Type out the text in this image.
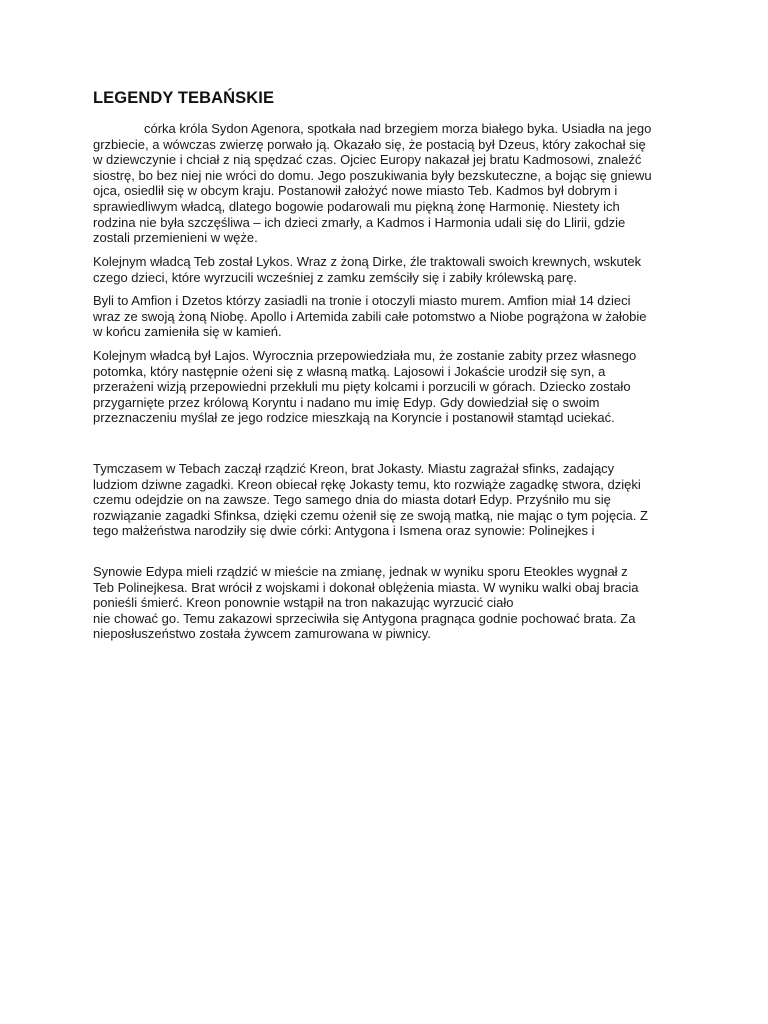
LEGENDY TEBAŃSKIE

córka króla Sydon Agenora, spotkała nad brzegiem morza białego byka. Usiadła na jego
grzbiecie, a wówczas zwierzę porwało ją. Okazało się, że postacią był Dzeus, który zakochał się
w dziewczynie i chciał z nią spędzać czas. Ojciec Europy nakazał jej bratu Kadmosowi, znaleźć
siostrę, bo bez niej nie wróci do domu. Jego poszukiwania były bezskuteczne, a bojąc się gniewu
ojca, osiedlił się w obcym kraju. Postanowił założyć nowe miasto Teb. Kadmos był dobrym i
sprawiedliwym władcą, dlatego bogowie podarowali mu piękną żonę Harmonię. Niestety ich
rodzina nie była szczęśliwa – ich dzieci zmarły, a Kadmos i Harmonia udali się do Llirii, gdzie
zostali przemienieni w węże.

Kolejnym władcą Teb został Lykos. Wraz z żoną Dirke, źle traktowali swoich krewnych, wskutek
czego dzieci, które wyrzucili wcześniej z zamku zemściły się i zabiły królewską parę.

Byli to Amfion i Dzetos którzy zasiadli na tronie i otoczyli miasto murem. Amfion miał 14 dzieci
wraz ze swoją żoną Niobę. Apollo i Artemida zabili całe potomstwo a Niobe pogrążona w żałobie
w końcu zamieniła się w kamień.

Kolejnym władcą był Lajos. Wyrocznia przepowiedziała mu, że zostanie zabity przez własnego
potomka, który następnie ożeni się z własną matką. Lajosowi i Jokaście urodził się syn, a
przerażeni wizją przepowiedni przekłuli mu pięty kolcami i porzucili w górach. Dziecko zostało
przygarnięte przez królową Koryntu i nadano mu imię Edyp. Gdy dowiedział się o swoim
przeznaczeniu myślał ze jego rodzice mieszkają na Koryncie i postanowił stamtąd uciekać.

Tymczasem w Tebach zaczął rządzić Kreon, brat Jokasty. Miastu zagrażał sfinks, zadający
ludziom dziwne zagadki. Kreon obiecał rękę Jokasty temu, kto rozwiąże zagadkę stwora, dzięki
czemu odejdzie on na zawsze. Tego samego dnia do miasta dotarł Edyp. Przyśniło mu się
rozwiązanie zagadki Sfinksa, dzięki czemu ożenił się ze swoją matką, nie mając o tym pojęcia. Z
tego małżeństwa narodziły się dwie córki: Antygona i Ismena oraz synowie: Polinejkes i

Synowie Edypa mieli rządzić w mieście na zmianę, jednak w wyniku sporu Eteokles wygnał z
Teb Polinejkesa. Brat wrócił z wojskami i dokonał oblężenia miasta. W wyniku walki obaj bracia
ponieśli śmierć. Kreon ponownie wstąpił na tron nakazując wyrzucić ciało
nie chować go. Temu zakazowi sprzeciwiła się Antygona pragnąca godnie pochować brata. Za
nieposłuszeństwo została żywcem zamurowana w piwnicy.
